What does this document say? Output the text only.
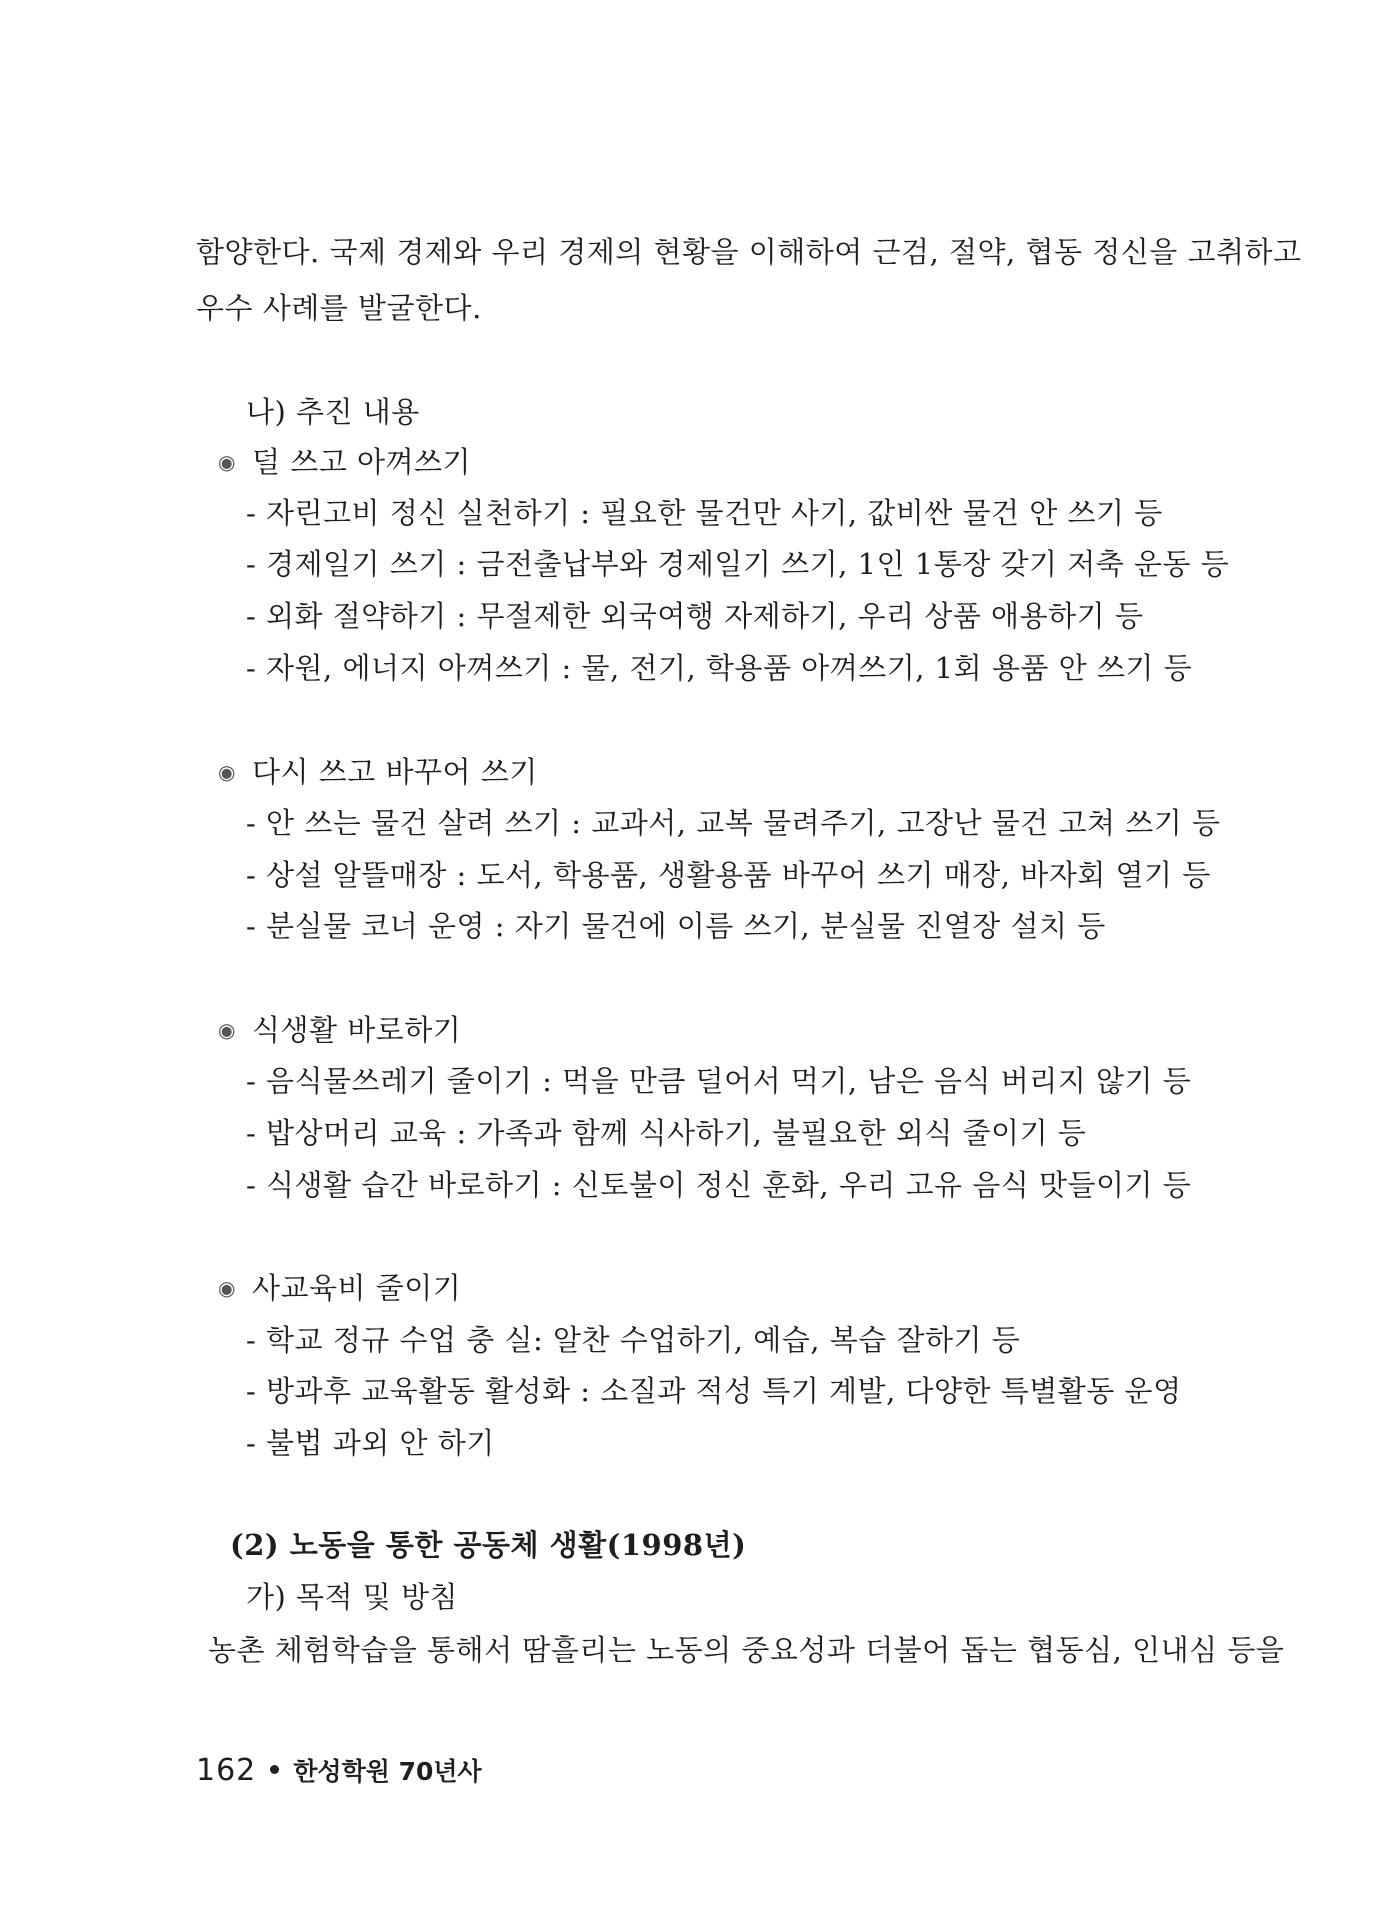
함양한다. 국제 경제와 우리 경제의 현황을 이해하여 근검, 절약, 협동 정신을 고취하고
우수 사례를 발굴한다.
나) 추진 내용
◉ 덜 쓰고 아껴쓰기
- 자린고비 정신 실천하기 : 필요한 물건만 사기, 값비싼 물건 안 쓰기 등
- 경제일기 쓰기 : 금전출납부와 경제일기 쓰기, 1인 1통장 갖기 저축 운동 등
- 외화 절약하기 : 무절제한 외국여행 자제하기, 우리 상품 애용하기 등
- 자원, 에너지 아껴쓰기 : 물, 전기, 학용품 아껴쓰기, 1회 용품 안 쓰기 등
◉ 다시 쓰고 바꾸어 쓰기
- 안 쓰는 물건 살려 쓰기 : 교과서, 교복 물려주기, 고장난 물건 고쳐 쓰기 등
- 상설 알뜰매장 : 도서, 학용품, 생활용품 바꾸어 쓰기 매장, 바자회 열기 등
- 분실물 코너 운영 : 자기 물건에 이름 쓰기, 분실물 진열장 설치 등
◉ 식생활 바로하기
- 음식물쓰레기 줄이기 : 먹을 만큼 덜어서 먹기, 남은 음식 버리지 않기 등
- 밥상머리 교육 : 가족과 함께 식사하기, 불필요한 외식 줄이기 등
- 식생활 습간 바로하기 : 신토불이 정신 훈화, 우리 고유 음식 맛들이기 등
◉ 사교육비 줄이기
- 학교 정규 수업 충 실: 알찬 수업하기, 예습, 복습 잘하기 등
- 방과후 교육활동 활성화 : 소질과 적성 특기 계발, 다양한 특별활동 운영
- 불법 과외 안 하기
(2) 노동을 통한 공동체 생활(1998년)
가) 목적 및 방침
농촌 체험학습을 통해서 땀흘리는 노동의 중요성과 더불어 돕는 협동심, 인내심 등을
162 한성학원 70년사
